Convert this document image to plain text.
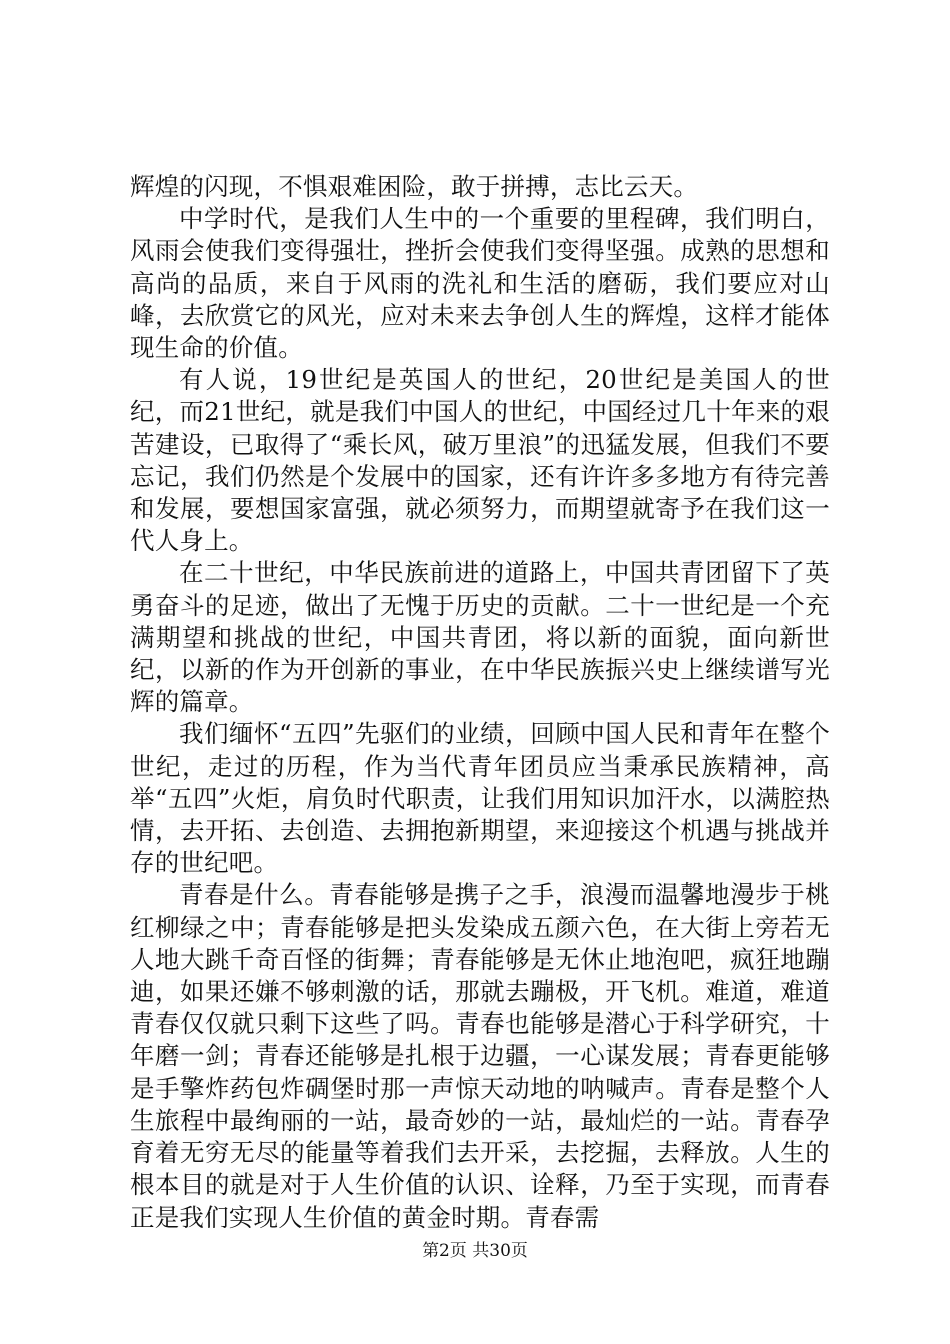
辉煌的闪现，不惧艰难困险，敢于拼搏，志比云天。

中学时代，是我们人生中的一个重要的里程碑，我们明白，风雨会使我们变得强壮，挫折会使我们变得坚强。成熟的思想和高尚的品质，来自于风雨的洗礼和生活的磨砺，我们要应对山峰，去欣赏它的风光，应对未来去争创人生的辉煌，这样才能体现生命的价值。

有人说，19世纪是英国人的世纪，20世纪是美国人的世纪，而21世纪，就是我们中国人的世纪，中国经过几十年来的艰苦建设，已取得了“乘长风，破万里浪”的迅猛发展，但我们不要忘记，我们仍然是个发展中的国家，还有许许多多地方有待完善和发展，要想国家富强，就必须努力，而期望就寄予在我们这一代人身上。

在二十世纪，中华民族前进的道路上，中国共青团留下了英勇奋斗的足迹，做出了无愧于历史的贡献。二十一世纪是一个充满期望和挑战的世纪，中国共青团，将以新的面貌，面向新世纪，以新的作为开创新的事业，在中华民族振兴史上继续谱写光辉的篇章。

我们缅怀“五四”先驱们的业绩，回顾中国人民和青年在整个世纪，走过的历程，作为当代青年团员应当秉承民族精神，高举“五四”火炬，肩负时代职责，让我们用知识加汗水，以满腔热情，去开拓、去创造、去拥抱新期望，来迎接这个机遇与挑战并存的世纪吧。

青春是什么。青春能够是携子之手，浪漫而温馨地漫步于桃红柳绿之中；青春能够是把头发染成五颜六色，在大街上旁若无人地大跳千奇百怪的街舞；青春能够是无休止地泡吧，疯狂地蹦迪，如果还嫌不够刺激的话，那就去蹦极，开飞机。难道，难道青春仅仅就只剩下这些了吗。青春也能够是潜心于科学研究，十年磨一剑；青春还能够是扎根于边疆，一心谋发展；青春更能够是手擎炸药包炸碉堡时那一声惊天动地的呐喊声。青春是整个人生旅程中最绚丽的一站，最奇妙的一站，最灿烂的一站。青春孕育着无穷无尽的能量等着我们去开采，去挖掘，去释放。人生的根本目的就是对于人生价值的认识、诠释，乃至于实现，而青春正是我们实现人生价值的黄金时期。青春需

第2页 共30页
